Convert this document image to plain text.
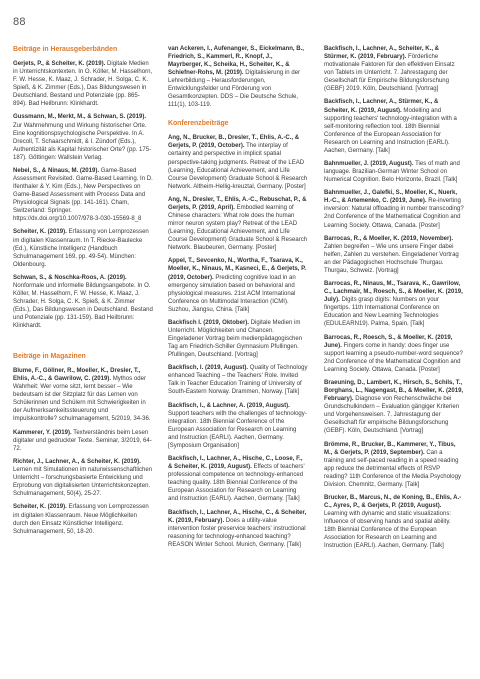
88
Beiträge in Herausgeberbänden

Gerjets, P., & Scheiter, K. (2019). Digitale Medien in Unterrichtskontexten. In O. Köller, M. Hasselhorn, F. W. Hesse, K. Maaz, J. Schrader, H. Solga, C. K. Spieß, & K. Zimmer (Eds.), Das Bildungswesen in Deutschland. Bestand und Potenziale (pp. 865-894). Bad Heilbrunn: Klinkhardt.

Gussmann, M., Merkt, M., & Schwan, S. (2019). Zur Wahrnehmung und Wirkung historischer Orte. Eine kognitionspsychologische Perspektive. In A. Drecoll, T. Schaarschmidt, & I. Zündorf (Eds.), Authentizität als Kapital historischer Orte? (pp. 175-187). Göttingen: Wallstein Verlag.

Nebel, S., & Ninaus, M. (2019). Game-Based Assessment Revisited. Game-Based Learning. In D. Ifenthaler & Y. Kim (Eds.), New Perspectives on Game-Based Assessment with Process Data and Physiological Signals (pp. 141-161). Cham, Switzerland: Springer. https://dx.doi.org/10.1007/978-3-030-15569-8_8

Scheiter, K. (2019). Erfassung von Lernprozessen im digitalen Klassenraum. In T. Riecke-Baulecke (Ed.), Künstliche Intelligenz (Handbuch Schulmanagement 169, pp. 49-54). München: Oldenbourg.

Schwan, S., & Noschka-Roos, A. (2019). Nonformale und informelle Bildungsangebote. In O. Köller, M. Hasselhorn, F. W. Hesse, K. Maaz, J. Schrader, H. Solga, C. K. Spieß, & K. Zimmer (Eds.), Das Bildungswesen in Deutschland. Bestand und Potenziale (pp. 131-159). Bad Heilbrunn: Klinkhardt.

Beiträge in Magazinen

Blume, F., Göllner, R., Moeller, K., Dresler, T., Ehlis, A.-C., & Gawrilow, C. (2019). Mythos oder Wahrheit: Wer vorne sitzt, lernt besser – Wie bedeutsam ist der Sitzplatz für das Lernen von Schülerinnen und Schülern mit Schwierigkeiten in der Aufmerksamkeitssteuerung und Impulskontrolle? schulmanagement, 5/2019, 34-36.

Kammerer, Y. (2019). Textverständnis beim Lesen digitaler und gedruckter Texte. Seminar, 3/2019, 64-72.

Richter, J., Lachner, A., & Scheiter, K. (2019). Lernen mit Simulationen im naturwissenschaftlichen Unterricht – forschungsbasierte Entwicklung und Erprobung von digitalisierten Unterrichtskonzepten. Schulmanagement, 50(4), 25-27.

Scheiter, K. (2019). Erfassung von Lernprozessen im digitalen Klassenraum. Neue Möglichkeiten durch den Einsatz Künstlicher Intelligenz. Schulmanagement, 50, 18-20.

van Ackeren, I., Aufenanger, S., Eickelmann, B., Friedrich, S., Kammerl, R., Knopf, J., Mayrberger, K., Scheika, H., Scheiter, K., & Schiefner-Rohs, M. (2019). Digitalisierung in der Lehrerbildung – Herausforderungen, Entwicklungsfelder und Förderung von Gesamtkonzepten. DDS – Die Deutsche Schule, 111(1), 103-119.

Konferenzbeiträge

Ang, N., Brucker, B., Dresler, T., Ehlis, A.-C., & Gerjets, P. (2019, October). The interplay of certainty and perspective in implicit spatial perspective-taking judgments. Retreat of the LEAD (Learning, Educational Achievement, and Life Course Development) Graduate School & Research Network. Altheim-Hellig-kreuztal, Germany. [Poster]

Ang, N., Dresler, T., Ehlis, A.-C., Rebuschat, P., & Gerjets, P. (2019, April). Embodied learning of Chinese characters: What role does the human mirror neuron system play? Retreat of the LEAD (Learning, Educational Achievement, and Life Course Development) Graduate School & Research Network. Blaubeuren, Germany. [Poster]

Appel, T., Sevcenko, N., Wortha, F., Tsarava, K., Moeller, K., Ninaus, M., Kasneci, E., & Gerjets, P. (2019, October). Predicting cognitive load in an emergency simulation based on behavioral and physiological measures. 21st ACM International Conference on Multimodal Interaction (ICMI). Suzhou, Jiangsu, China. [Talk]

Backfisch I. (2019, Oktober). Digitale Medien im Unterricht. Möglichkeiten und Chancen. Eingeladener Vortrag beim medienpädagogischen Tag am Friedrich-Schiller Gymnasium Pfullingen. Pfullingen, Deutschland. [Vortrag]

Backfisch, I. (2019, August). Quality of Technology enhanced Teaching – the Teachers' Role. Invited Talk in Teacher Education Training of University of South-Eastern Norway. Drammen, Norway. [Talk]

Backfisch, I., & Lachner, A. (2019, August). Support teachers with the challenges of technology-integration. 18th Biennial Conference of the European Association for Research on Learning and Instruction (EARLI). Aachen, Germany. [Symposium Organisation]

Backfisch, I., Lachner, A., Hische, C., Loose, F., & Scheiter, K. (2019, August). Effects of teachers' professional competence on technology-enhanced teaching quality. 18th Biennial Conference of the European Association for Research on Learning and Instruction (EARLI). Aachen, Germany. [Talk]

Backfisch, I., Lachner, A., Hische, C., & Scheiter, K. (2019, February). Does a utility-value intervention foster preservice teachers' instructional reasoning for technology-enhanced teaching? REASON Winter School. Munich, Germany. [Talk]

Backfisch, I., Lachner, A., Scheiter, K., & Stürmer, K. (2019, February). Förderliche motivationale Faktoren für den effektiven Einsatz von Tablets im Unterricht. 7. Jahrestagung der Gesellschaft für Empirische Bildungsforschung (GEBF) 2019. Köln, Deutschland. [Vortrag]

Backfisch, I., Lachner, A., Stürmer, K., & Scheiter, K. (2019, August). Modelling and supporting teachers' technology-integration with a self-monitoring reflection tool. 18th Biennial Conference of the European Association for Research on Learning and Instruction (EARLI). Aachen, Germany. [Talk]

Bahnmueller, J. (2019, August). Ties of math and language. Brazilian-German Winter School on Numerical Cognition. Belo Horizonte, Brazil. [Talk]

Bahnmueller, J., Galefki, S., Moeller, K., Nuerk, H.-C., & Artemenko, C. (2019, June). Re-inverting inversion: Natural offloading in number transcoding? 2nd Conference of the Mathematical Cognition and Learning Society. Ottawa, Canada. [Poster]

Barrocas, R., & Moeller, K. (2019, November). Zahlen begreifen – Wie uns unsere Finger dabei helfen, Zahlen zu verstehen. Eingeladener Vortrag an der Pädagogischen Hochschule Thurgau. Thurgau, Schweiz. [Vortrag]

Barrocas, R., Ninaus, M., Tsarava, K., Gawrilow, C., Lachmair, M., Roesch, S., & Moeller, K. (2019, July). Digits grasp digits: Numbers on your fingertips. 11th International Conference on Education and New Learning Technologies (EDULEARN19). Palma, Spain. [Talk]

Barrocas, R., Roesch, S., & Moeller, K. (2019, June). Fingers come in handy: does finger use support learning a pseudo-number-word sequence? 2nd Conference of the Mathematical Cognition and Learning Society. Ottawa, Canada. [Poster]

Braeuning, D., Lambert, K., Hirsch, S., Schils, T., Borghans, L., Nagengast, B., & Moeller, K. (2019, February). Diagnose von Rechenschwäche bei Grundschulkindern – Evaluation gängiger Kriterien und Vorgehensweisen. 7. Jahrestagung der Gesellschaft für empirische Bildungsforschung (GEBF). Köln, Deutschland. [Vortrag]

Brömme, R., Brucker, B., Kammerer, Y., Tibus, M., & Gerjets, P. (2019, September). Can a training and self-paced reading in a speed reading app reduce the detrimental effects of RSVP reading? 11th Conference of the Media Psychology Division. Chemnitz, Germany. [Talk]

Brucker, B., Marcus, N., de Koning, B., Ehlis, A.-C., Ayres, P., & Gerjets, P. (2019, August). Learning with dynamic and static visualizations: Influence of observing hands and spatial ability. 18th Biennial Conference of the European Association for Research on Learning and Instruction (EARLI). Aachen, Germany. [Talk]
